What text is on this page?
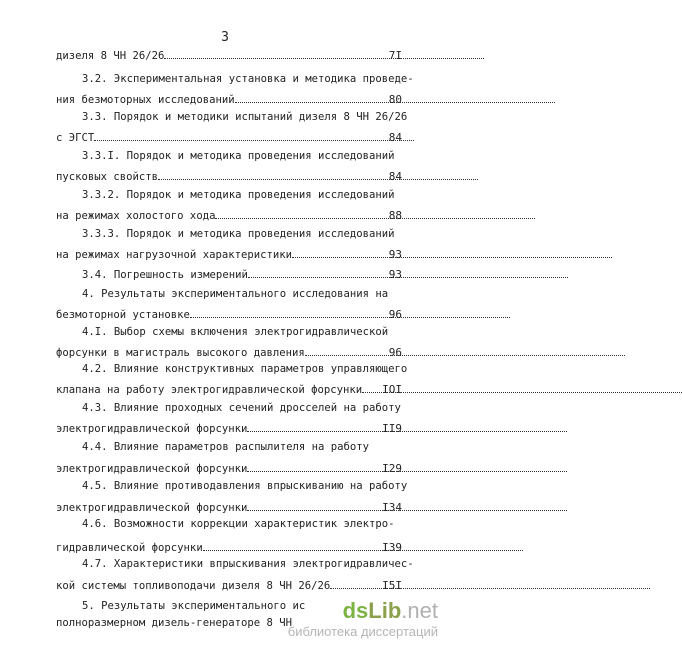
3
дизеля 8 ЧН 26/26	7I
3.2. Экспериментальная установка и методика проведе-
ния безмоторных исследований	80
3.3. Порядок и методики испытаний дизеля 8 ЧН 26/26
с ЭГСТ	84
3.3.I. Порядок и методика проведения исследований
пусковых свойств	84
3.3.2. Порядок и методика проведения исследований
на режимах холостого хода	88
3.3.3. Порядок и методика проведения исследований
на режимах нагрузочной характеристики	93
3.4. Погрешность измерений	93
4. Результаты экспериментального исследования на
безмоторной установке	96
4.I. Выбор схемы включения электрогидравлической
форсунки в магистраль высокого давления	96
4.2. Влияние конструктивных параметров управляющего
клапана на работу электрогидравлической форсунки	IOI
4.3. Влияние проходных сечений дросселей на работу
электрогидравлической форсунки	II9
4.4. Влияние параметров распылителя на работу
электрогидравлической форсунки	I29
4.5. Влияние противодавления впрыскиванию на работу
электрогидравлической форсунки	I34
4.6. Возможности коррекции характеристик электро-
гидравлической форсунки	I39
4.7. Характеристики впрыскивания электрогидравличес-
кой системы топливоподачи дизеля 8 ЧН 26/26	I5I
5. Результаты экспериментального ис
полноразмерном дизель-генераторе 8 ЧН	dsLib.net
библиотека диссертаций
